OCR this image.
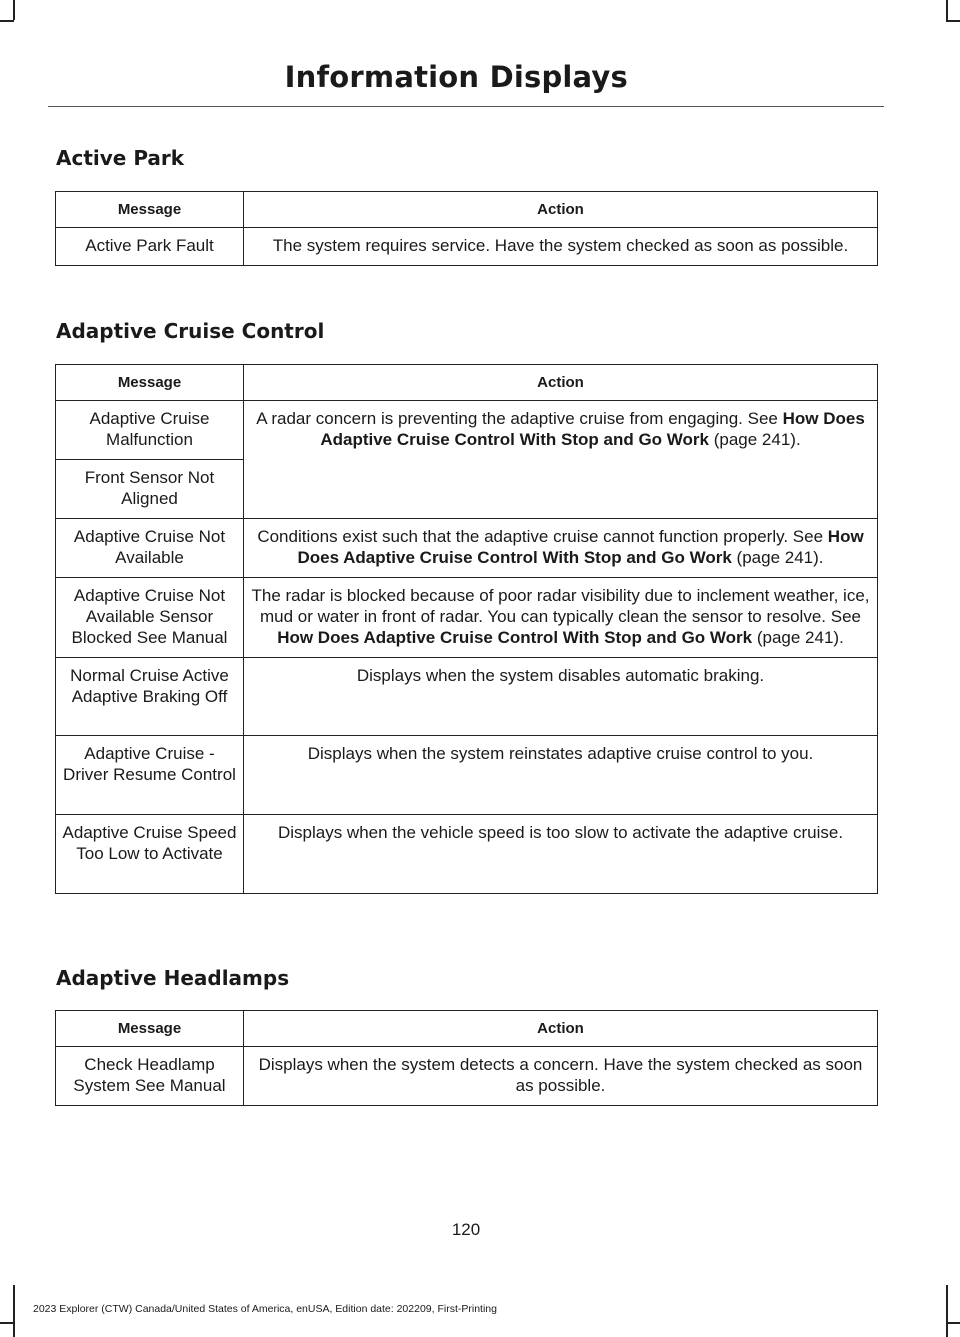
Information Displays
Active Park
Message	Action
Active Park Fault	The system requires service. Have the system checked as soon as possible.
Adaptive Cruise Control
Message	Action
Adaptive Cruise Malfunction	A radar concern is preventing the adaptive cruise from engaging. See How Does Adaptive Cruise Control With Stop and Go Work (page 241).
Front Sensor Not Aligned	
Adaptive Cruise Not Available	Conditions exist such that the adaptive cruise cannot function properly. See How Does Adaptive Cruise Control With Stop and Go Work (page 241).
Adaptive Cruise Not Available Sensor Blocked See Manual	The radar is blocked because of poor radar visibility due to inclement weather, ice, mud or water in front of radar. You can typically clean the sensor to resolve. See How Does Adaptive Cruise Control With Stop and Go Work (page 241).
Normal Cruise Active Adaptive Braking Off	Displays when the system disables automatic braking.
Adaptive Cruise - Driver Resume Control	Displays when the system reinstates adaptive cruise control to you.
Adaptive Cruise Speed Too Low to Activate	Displays when the vehicle speed is too slow to activate the adaptive cruise.
Adaptive Headlamps
Message	Action
Check Headlamp System See Manual	Displays when the system detects a concern. Have the system checked as soon as possible.
120
2023 Explorer (CTW) Canada/United States of America, enUSA, Edition date: 202209, First-Printing
